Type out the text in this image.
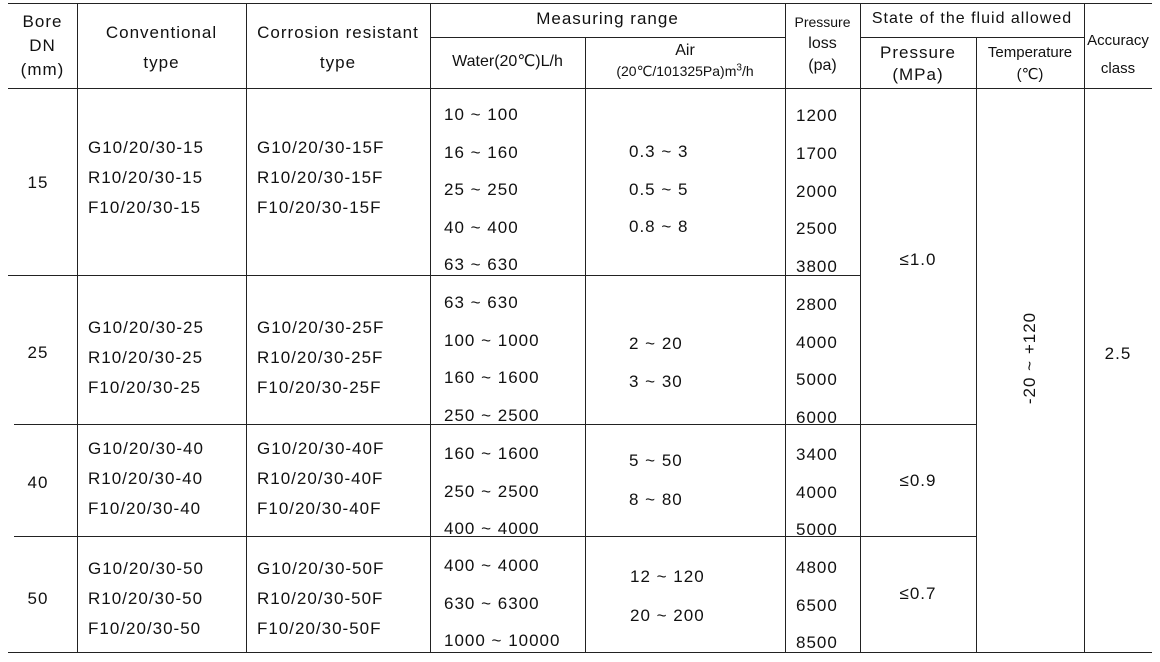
Bore
DN
(mm)
Conventional
type
Corrosion resistant
type
Measuring range
Water(20℃)L/h
Air
$(20℃/101325Pa)m^3/h$
Pressure
loss
(pa)
State of the fluid allowed
Pressure
(MPa)
Temperature
(℃)
Accuracy
class
15
G10/20/30-15
R10/20/30-15
F10/20/30-15
G10/20/30-15F
R10/20/30-15F
F10/20/30-15F
10 ~ 100
16 ~ 160
25 ~ 250
40 ~ 400
63 ~ 630
0.3 ~ 3
0.5 ~ 5
0.8 ~ 8
1200
1700
2000
2500
3800
25
G10/20/30-25
R10/20/30-25
F10/20/30-25
G10/20/30-25F
R10/20/30-25F
F10/20/30-25F
63 ~ 630
100 ~ 1000
160 ~ 1600
250 ~ 2500
2 ~ 20
3 ~ 30
2800
4000
5000
6000
40
G10/20/30-40
R10/20/30-40
F10/20/30-40
G10/20/30-40F
R10/20/30-40F
F10/20/30-40F
160 ~ 1600
250 ~ 2500
400 ~ 4000
5 ~ 50
8 ~ 80
3400
4000
5000
50
G10/20/30-50
R10/20/30-50
F10/20/30-50
G10/20/30-50F
R10/20/30-50F
F10/20/30-50F
400 ~ 4000
630 ~ 6300
1000 ~ 10000
12 ~ 120
20 ~ 200
4800
6500
8500
≤1.0
≤0.9
≤0.7
-20 ~ +120	2.5
